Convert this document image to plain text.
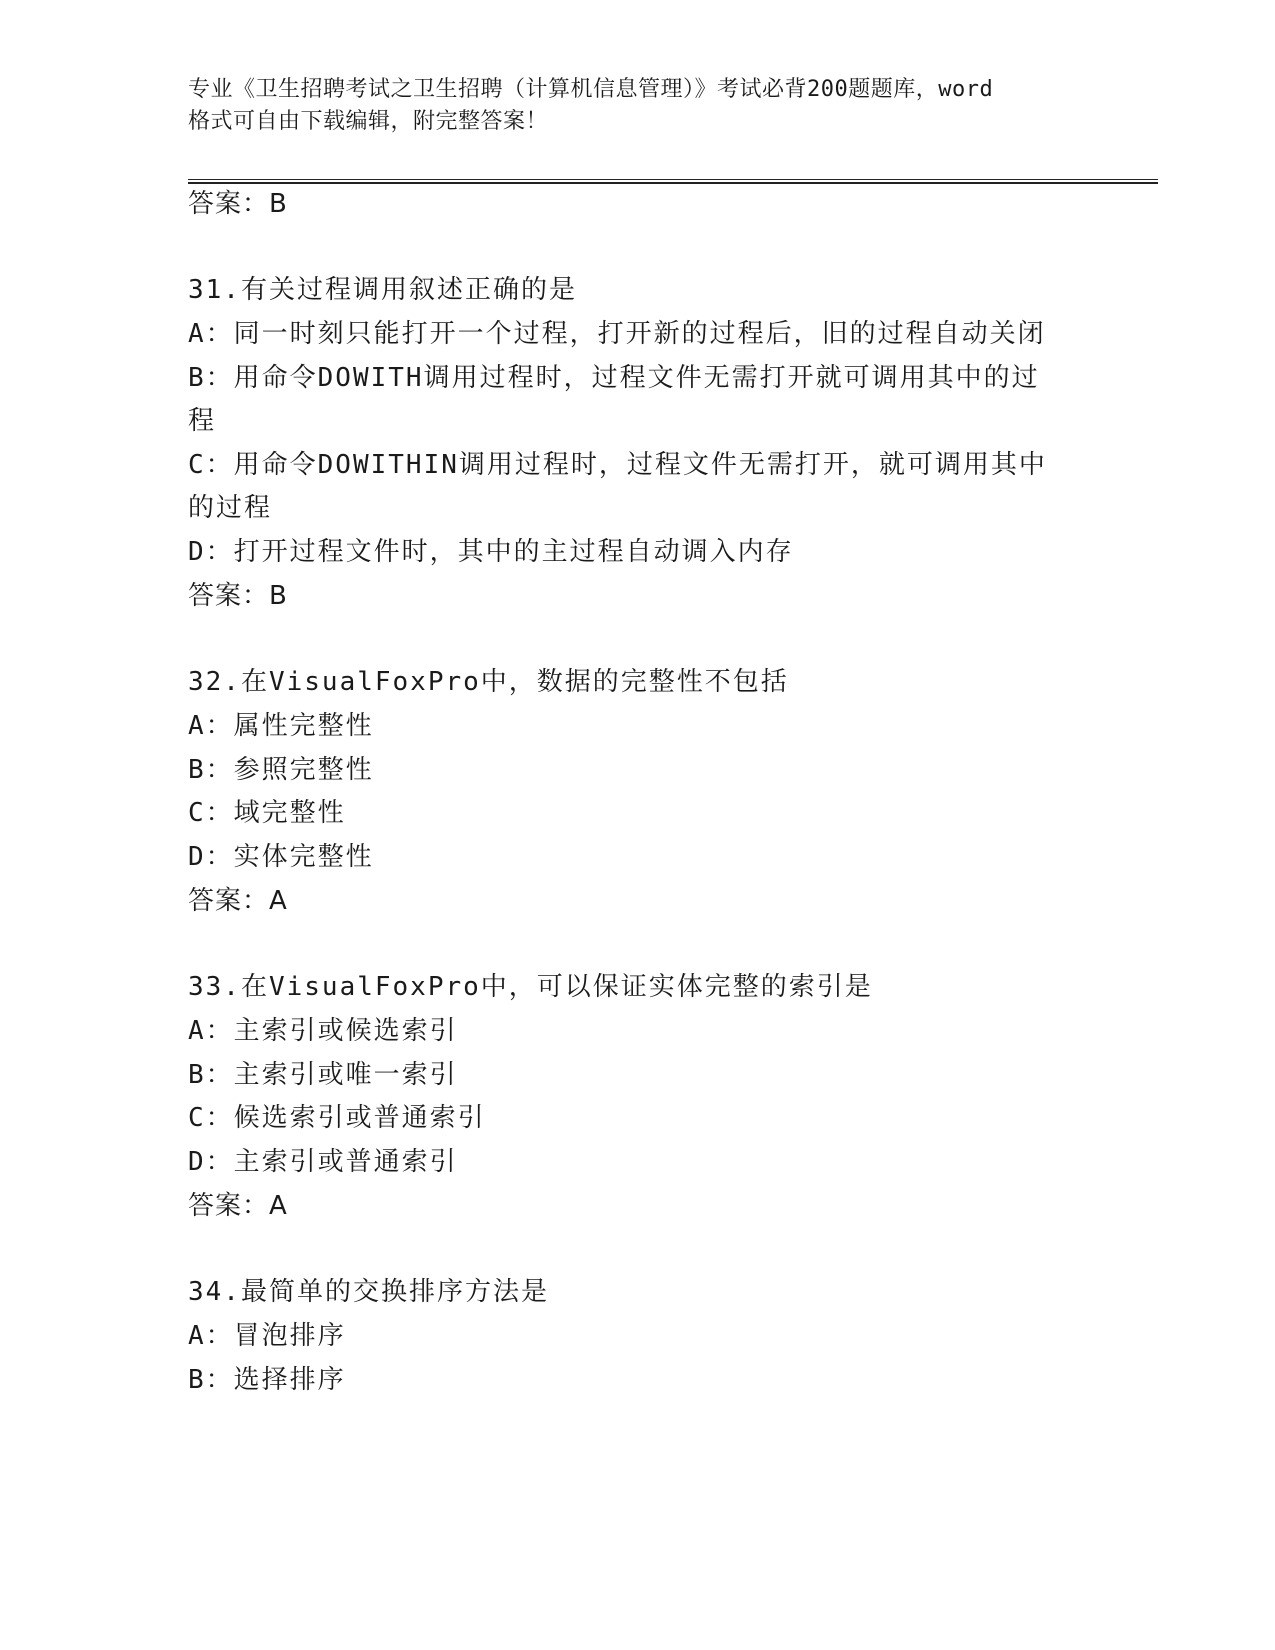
专业《卫生招聘考试之卫生招聘（计算机信息管理）》考试必背200题题库，word
格式可自由下载编辑，附完整答案！
答案：B
31.有关过程调用叙述正确的是
A：同一时刻只能打开一个过程，打开新的过程后，旧的过程自动关闭
B：用命令DOWITH调用过程时，过程文件无需打开就可调用其中的过
程
C：用命令DOWITHIN调用过程时，过程文件无需打开，就可调用其中
的过程
D：打开过程文件时，其中的主过程自动调入内存
答案：B
32.在VisualFoxPro中，数据的完整性不包括
A：属性完整性
B：参照完整性
C：域完整性
D：实体完整性
答案：A
33.在VisualFoxPro中，可以保证实体完整的索引是
A：主索引或候选索引
B：主索引或唯一索引
C：候选索引或普通索引
D：主索引或普通索引
答案：A
34.最简单的交换排序方法是
A：冒泡排序
B：选择排序
